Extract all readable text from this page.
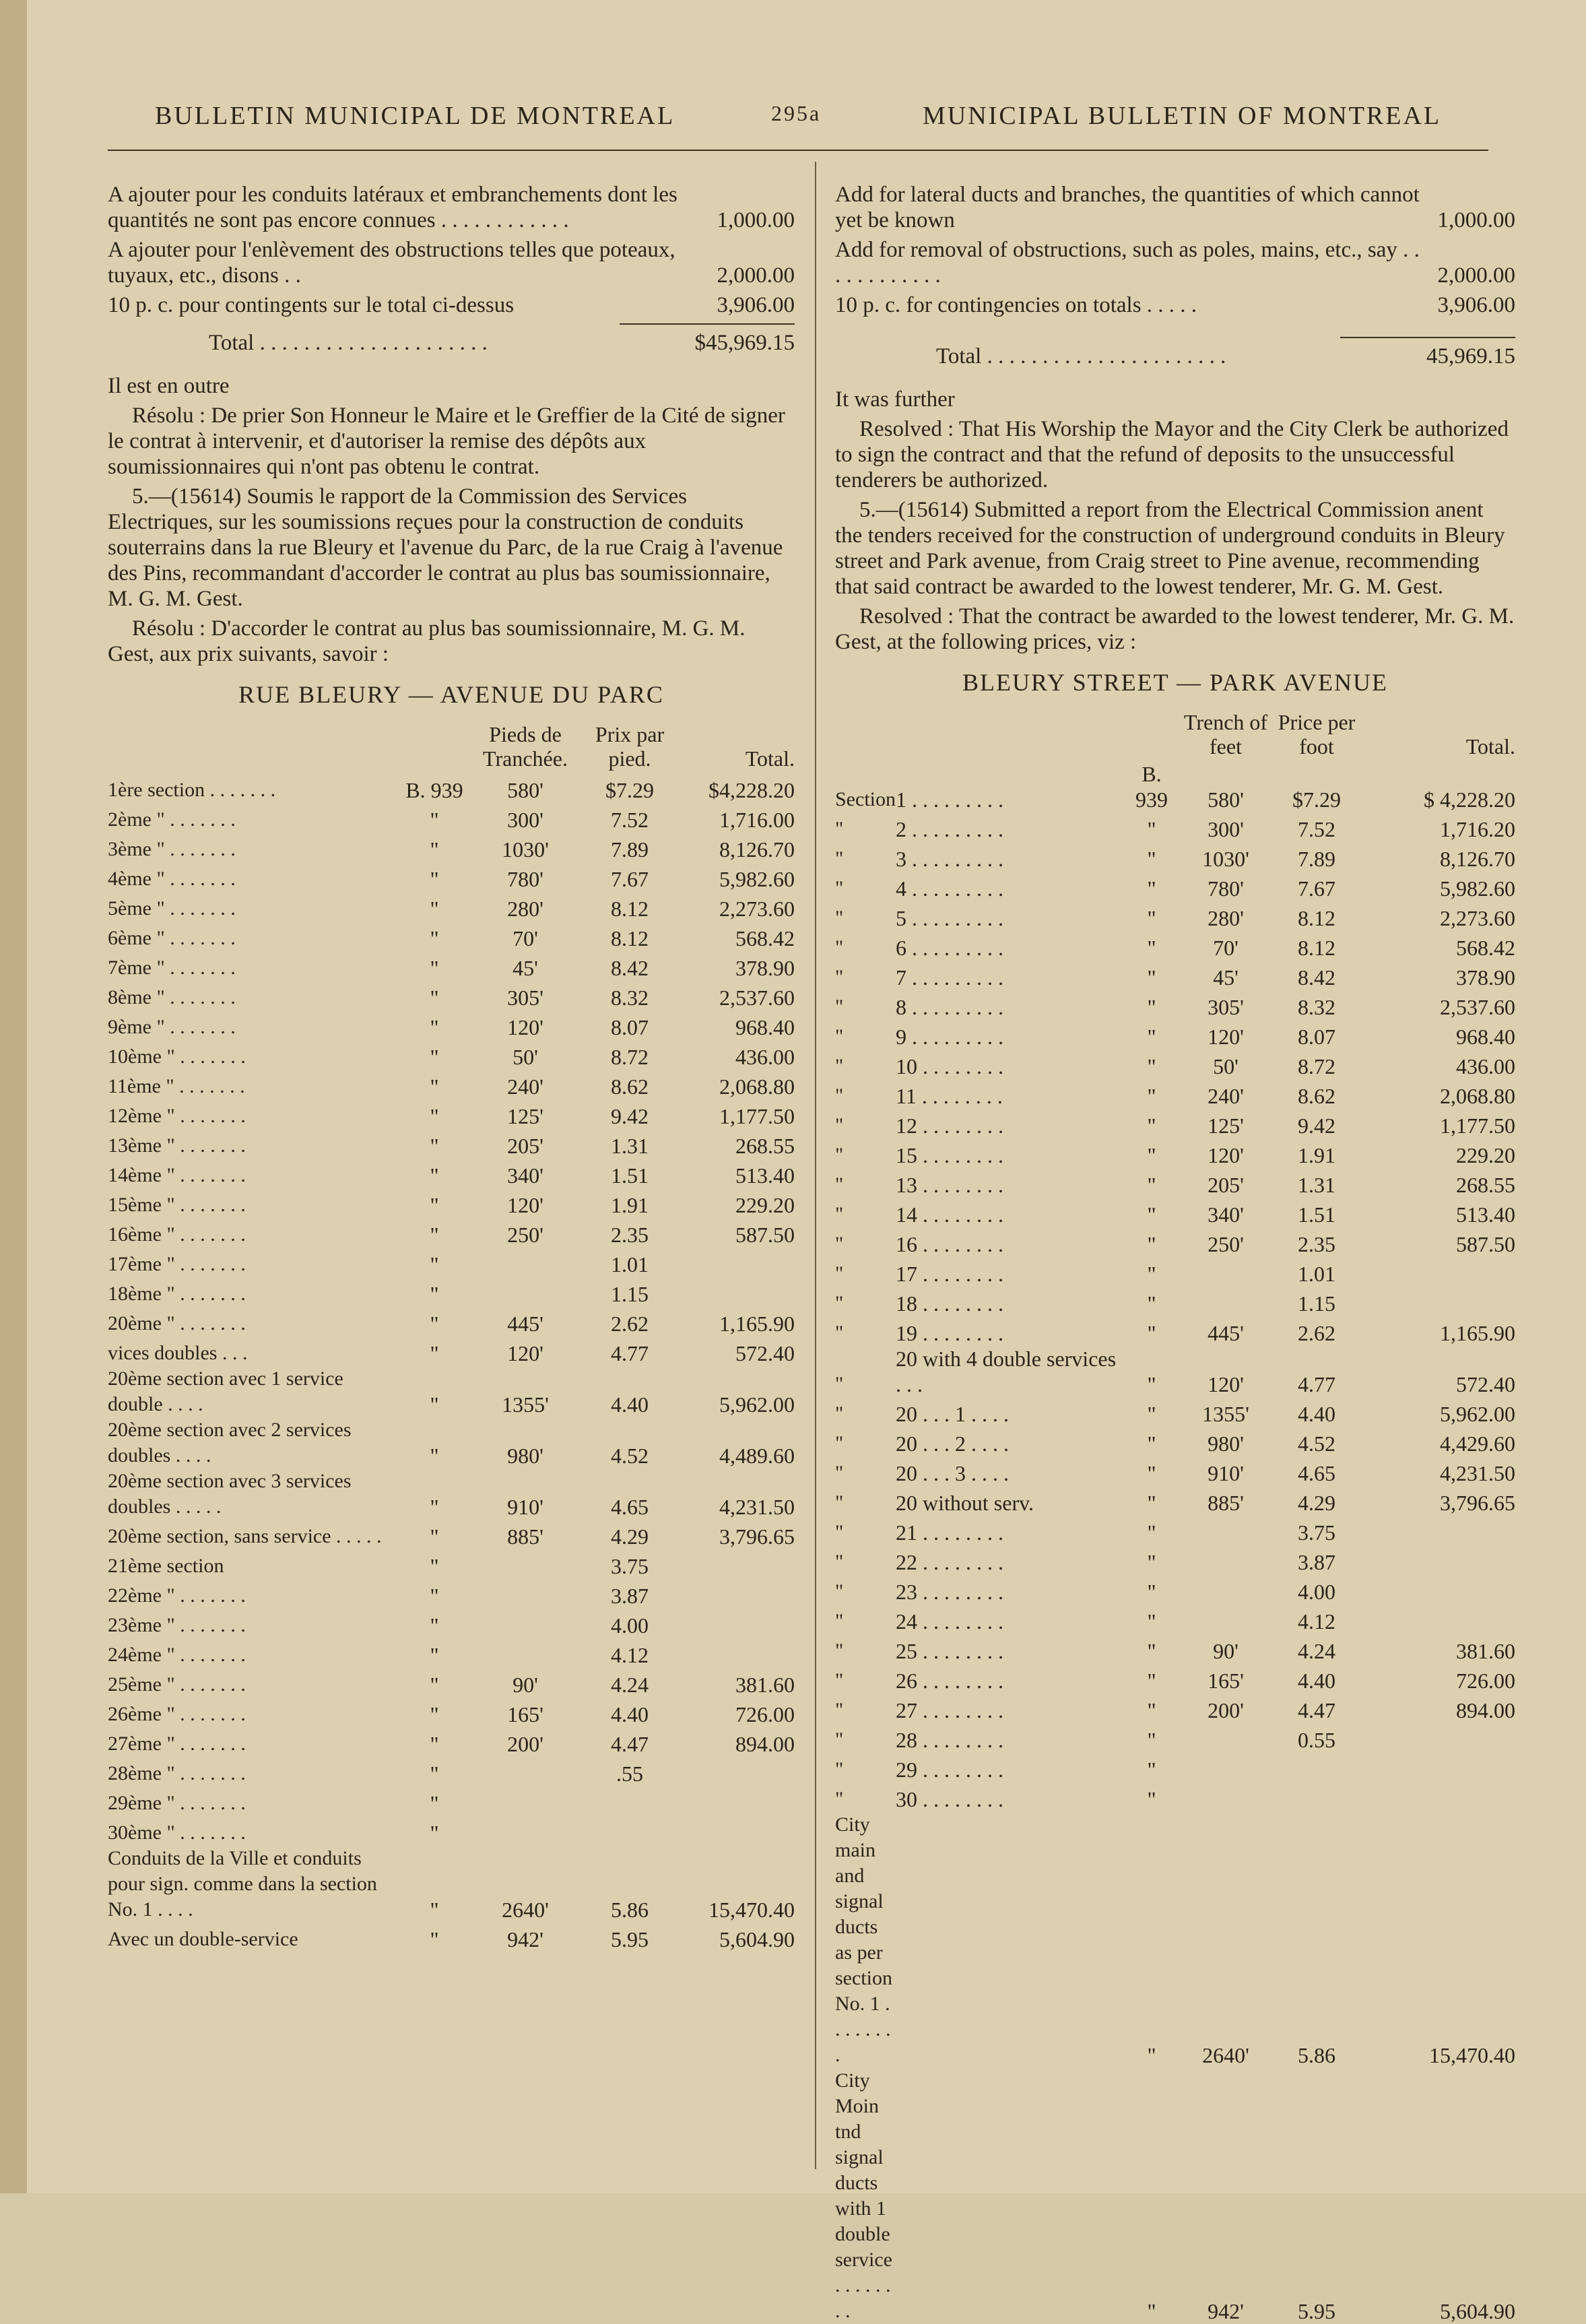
BULLETIN MUNICIPAL DE MONTREAL	295a	MUNICIPAL BULLETIN OF MONTREAL
A ajouter pour les conduits latéraux et embranchements dont les quantités ne sont pas encore connues . . . . . . . . . . . .	1,000.00
A ajouter pour l'enlèvement des obstructions telles que poteaux, tuyaux, etc., disons . .	2,000.00
10 p. c. pour contingents sur le total ci-dessus	3,906.00
Total . . . . . . . . . . . . . . . . . . . . .	$45,969.15

Il est en outre

Résolu : De prier Son Honneur le Maire et le Greffier de la Cité de signer le contrat à intervenir, et d'autoriser la remise des dépôts aux soumissionnaires qui n'ont pas obtenu le contrat.

5.—(15614) Soumis le rapport de la Commission des Services Electriques, sur les soumissions reçues pour la construction de conduits souterrains dans la rue Bleury et l'avenue du Parc, de la rue Craig à l'avenue des Pins, recommandant d'accorder le contrat au plus bas soumissionnaire, M. G. M. Gest.

Résolu : D'accorder le contrat au plus bas soumissionnaire, M. G. M. Gest, aux prix suivants, savoir :

RUE BLEURY — AVENUE DU PARC
		Pieds de Tranchée.	Prix par pied.	Total.
1ère section . . . . . . .	B. 939	580'	$7.29	$4,228.20
2ème " . . . . . . .	"	300'	7.52	1,716.00
3ème " . . . . . . .	"	1030'	7.89	8,126.70
4ème " . . . . . . .	"	780'	7.67	5,982.60
5ème " . . . . . . .	"	280'	8.12	2,273.60
6ème " . . . . . . .	"	70'	8.12	568.42
7ème " . . . . . . .	"	45'	8.42	378.90
8ème " . . . . . . .	"	305'	8.32	2,537.60
9ème " . . . . . . .	"	120'	8.07	968.40
10ème " . . . . . . .	"	50'	8.72	436.00
11ème " . . . . . . .	"	240'	8.62	2,068.80
12ème " . . . . . . .	"	125'	9.42	1,177.50
13ème " . . . . . . .	"	205'	1.31	268.55
14ème " . . . . . . .	"	340'	1.51	513.40
15ème " . . . . . . .	"	120'	1.91	229.20
16ème " . . . . . . .	"	250'	2.35	587.50
17ème " . . . . . . .	"		1.01	
18ème " . . . . . . .	"		1.15	
20ème " . . . . . . .	"	445'	2.62	1,165.90
vices doubles . . .	"	120'	4.77	572.40
20ème section avec 1 service double . . . .	"	1355'	4.40	5,962.00
20ème section avec 2 services doubles . . . .	"	980'	4.52	4,489.60
20ème section avec 3 services doubles . . . . .	"	910'	4.65	4,231.50
20ème section, sans service . . . . .	"	885'	4.29	3,796.65
21ème section	"		3.75	
22ème " . . . . . . .	"		3.87	
23ème " . . . . . . .	"		4.00	
24ème " . . . . . . .	"		4.12	
25ème " . . . . . . .	"	90'	4.24	381.60
26ème " . . . . . . .	"	165'	4.40	726.00
27ème " . . . . . . .	"	200'	4.47	894.00
28ème " . . . . . . .	"		.55	
29ème " . . . . . . .	"			
30ème " . . . . . . .	"			
Conduits de la Ville et conduits pour sign. comme dans la section No. 1 . . . .	"	2640'	5.86	15,470.40
Avec un double-service	"	942'	5.95	5,604.90
Add for lateral ducts and branches, the quantities of which cannot yet be known	1,000.00
Add for removal of obstructions, such as poles, mains, etc., say . . . . . . . . . . . .	2,000.00
10 p. c. for contingencies on totals . . . . .	3,906.00
Total . . . . . . . . . . . . . . . . . . . . . .	45,969.15

It was further

Resolved : That His Worship the Mayor and the City Clerk be authorized to sign the contract and that the refund of deposits to the unsuccessful tenderers be authorized.

5.—(15614) Submitted a report from the Electrical Commission anent the tenders received for the construction of underground conduits in Bleury street and Park avenue, from Craig street to Pine avenue, recommending that said contract be awarded to the lowest tenderer, Mr. G. M. Gest.

Resolved : That the contract be awarded to the lowest tenderer, Mr. G. M. Gest, at the following prices, viz :

BLEURY STREET — PARK AVENUE
			Trench of feet	Price per foot	Total.
Section	1 . . . . . . . . .	B. 939	580'	$7.29	$ 4,228.20
"	2 . . . . . . . . .	"	300'	7.52	1,716.20
"	3 . . . . . . . . .	"	1030'	7.89	8,126.70
"	4 . . . . . . . . .	"	780'	7.67	5,982.60
"	5 . . . . . . . . .	"	280'	8.12	2,273.60
"	6 . . . . . . . . .	"	70'	8.12	568.42
"	7 . . . . . . . . .	"	45'	8.42	378.90
"	8 . . . . . . . . .	"	305'	8.32	2,537.60
"	9 . . . . . . . . .	"	120'	8.07	968.40
"	10 . . . . . . . .	"	50'	8.72	436.00
"	11 . . . . . . . .	"	240'	8.62	2,068.80
"	12 . . . . . . . .	"	125'	9.42	1,177.50
"	15 . . . . . . . .	"	120'	1.91	229.20
"	13 . . . . . . . .	"	205'	1.31	268.55
"	14 . . . . . . . .	"	340'	1.51	513.40
"	16 . . . . . . . .	"	250'	2.35	587.50
"	17 . . . . . . . .	"		1.01	
"	18 . . . . . . . .	"		1.15	
"	19 . . . . . . . .	"	445'	2.62	1,165.90
"	20 with 4 double services . . .	"	120'	4.77	572.40
"	20 . . . 1 . . . .	"	1355'	4.40	5,962.00
"	20 . . . 2 . . . .	"	980'	4.52	4,429.60
"	20 . . . 3 . . . .	"	910'	4.65	4,231.50
"	20 without serv.	"	885'	4.29	3,796.65
"	21 . . . . . . . .	"		3.75	
"	22 . . . . . . . .	"		3.87	
"	23 . . . . . . . .	"		4.00	
"	24 . . . . . . . .	"		4.12	
"	25 . . . . . . . .	"	90'	4.24	381.60
"	26 . . . . . . . .	"	165'	4.40	726.00
"	27 . . . . . . . .	"	200'	4.47	894.00
"	28 . . . . . . . .	"		0.55	
"	29 . . . . . . . .	"			
"	30 . . . . . . . .	"			
City main and signal ducts as per section No. 1 . . . . . . . .		"	2640'	5.86	15,470.40
City Moin tnd signal ducts with 1 double service . . . . . . . .		"	942'	5.95	5,604.90
